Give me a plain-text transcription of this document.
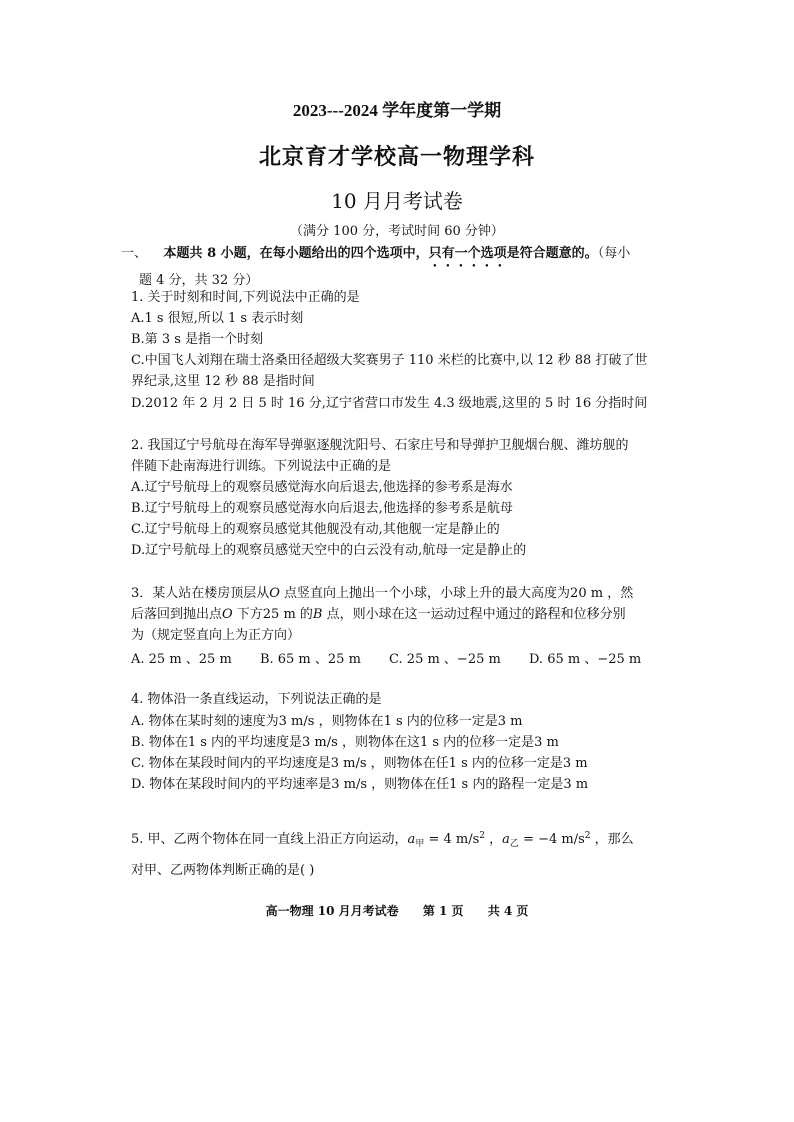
2023---2024 学年度第一学期
北京育才学校高一物理学科
10 月月考试卷
（满分 100 分，考试时间 60 分钟）
一、 本题共 8 小题，在每小题给出的四个选项中，只有一个选项是符合题意的。（每小
题 4 分，共 32 分）
1. 关于时刻和时间,下列说法中正确的是
A.1 s 很短,所以 1 s 表示时刻
B.第 3 s 是指一个时刻
C.中国飞人刘翔在瑞士洛桑田径超级大奖赛男子 110 米栏的比赛中,以 12 秒 88 打破了世
界纪录,这里 12 秒 88 是指时间
D.2012 年 2 月 2 日 5 时 16 分,辽宁省营口市发生 4.3 级地震,这里的 5 时 16 分指时间
2. 我国辽宁号航母在海军导弹驱逐舰沈阳号、石家庄号和导弹护卫舰烟台舰、潍坊舰的
伴随下赴南海进行训练。下列说法中正确的是
A.辽宁号航母上的观察员感觉海水向后退去,他选择的参考系是海水
B.辽宁号航母上的观察员感觉海水向后退去,他选择的参考系是航母
C.辽宁号航母上的观察员感觉其他舰没有动,其他舰一定是静止的
D.辽宁号航母上的观察员感觉天空中的白云没有动,航母一定是静止的
3．某人站在楼房顶层从𝑂 点竖直向上抛出一个小球，小球上升的最大高度为20 m ，然
后落回到抛出点𝑂 下方25 m 的𝐵 点，则小球在这一运动过程中通过的路程和位移分别
为（规定竖直向上为正方向）
A. 25 m 、25 m B. 65 m 、25 m C. 25 m 、−25 m D. 65 m 、−25 m
4. 物体沿一条直线运动，下列说法正确的是
A. 物体在某时刻的速度为3 m/s ，则物体在1 s 内的位移一定是3 m
B. 物体在1 s 内的平均速度是3 m/s ，则物体在这1 s 内的位移一定是3 m
C. 物体在某段时间内的平均速度是3 m/s ，则物体在任1 s 内的位移一定是3 m
D. 物体在某段时间内的平均速率是3 m/s ，则物体在任1 s 内的路程一定是3 m
5. 甲、乙两个物体在同一直线上沿正方向运动，$a_甲 = 4$ $m/s^2$ ，$a_乙 = -4$ $m/s^2$ ，那么
对甲、乙两物体判断正确的是( )
高一物理 10 月月考试卷 第 1 页 共 4 页
